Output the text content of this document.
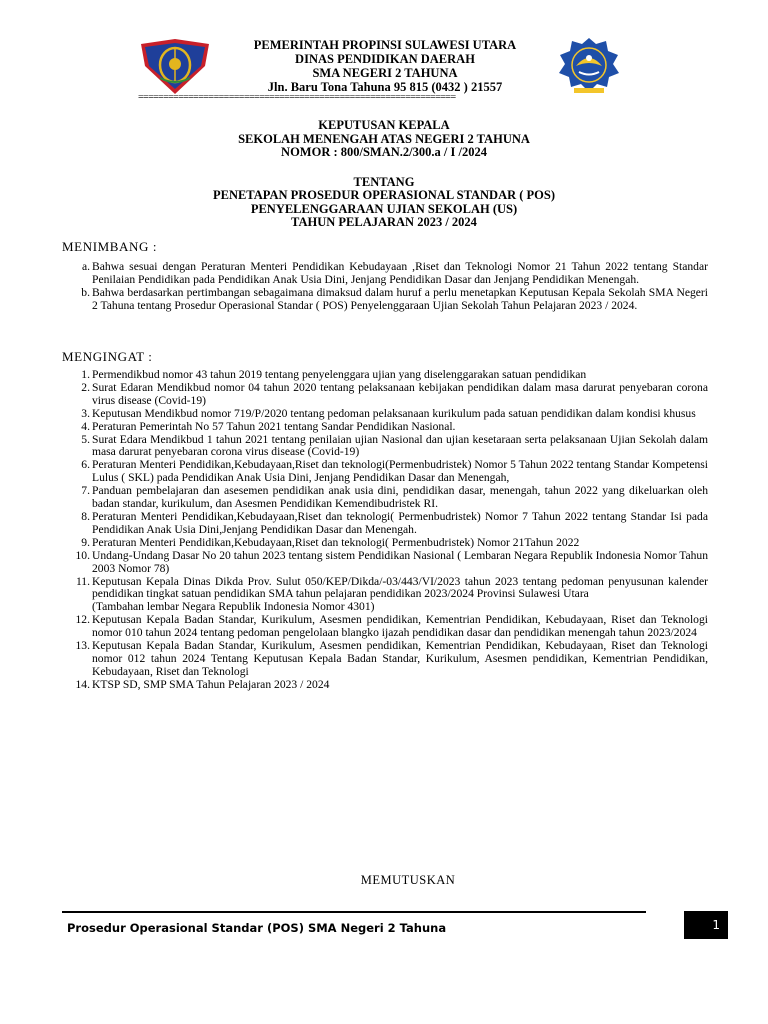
PEMERINTAH PROPINSI SULAWESI UTARA
DINAS PENDIDIKAN DAERAH
SMA NEGERI 2 TAHUNA
Jln. Baru Tona Tahuna 95 815 (0432 ) 21557
===============================================================
KEPUTUSAN KEPALA
SEKOLAH MENENGAH ATAS NEGERI 2 TAHUNA
NOMOR : 800/SMAN.2/300.a / I /2024
TENTANG
PENETAPAN PROSEDUR OPERASIONAL STANDAR ( POS)
PENYELENGGARAAN UJIAN SEKOLAH (US)
TAHUN PELAJARAN 2023 / 2024
MENIMBANG :
a. Bahwa sesuai dengan Peraturan Menteri Pendidikan Kebudayaan ,Riset dan Teknologi Nomor 21 Tahun 2022 tentang Standar Penilaian Pendidikan pada Pendidikan Anak Usia Dini, Jenjang Pendidikan Dasar dan Jenjang Pendidikan Menengah.
b. Bahwa berdasarkan pertimbangan sebagaimana dimaksud dalam huruf a perlu menetapkan Keputusan Kepala Sekolah SMA Negeri 2 Tahuna tentang Prosedur Operasional Standar ( POS) Penyelenggaraan Ujian Sekolah Tahun Pelajaran 2023 / 2024.
MENGINGAT :
1. Permendikbud nomor 43 tahun 2019 tentang penyelenggara ujian yang diselenggarakan satuan pendidikan
2. Surat Edaran Mendikbud nomor 04 tahun 2020 tentang pelaksanaan kebijakan pendidikan dalam masa darurat penyebaran corona virus disease (Covid-19)
3. Keputusan Mendikbud nomor 719/P/2020 tentang pedoman pelaksanaan kurikulum pada satuan pendidikan dalam kondisi khusus
4. Peraturan Pemerintah No 57 Tahun 2021 tentang Sandar Pendidikan Nasional.
5. Surat Edara Mendikbud 1 tahun 2021 tentang penilaian ujian Nasional dan ujian kesetaraan serta pelaksanaan Ujian Sekolah dalam masa darurat penyebaran corona virus disease (Covid-19)
6. Peraturan Menteri Pendidikan,Kebudayaan,Riset dan teknologi(Permenbudristek) Nomor 5 Tahun 2022 tentang Standar Kompetensi Lulus ( SKL) pada Pendidikan Anak Usia Dini, Jenjang Pendidikan Dasar dan Menengah,
7. Panduan pembelajaran dan asesemen pendidikan anak usia dini, pendidikan dasar, menengah, tahun 2022 yang dikeluarkan oleh badan standar, kurikulum, dan Asesmen Pendidikan Kemendibudristek RI.
8. Peraturan Menteri Pendidikan,Kebudayaan,Riset dan teknologi( Permenbudristek) Nomor 7 Tahun 2022 tentang Standar Isi pada Pendidikan Anak Usia Dini,Jenjang Pendidikan Dasar dan Menengah.
9. Peraturan Menteri Pendidikan,Kebudayaan,Riset dan teknologi( Permenbudristek) Nomor 21Tahun 2022
10. Undang-Undang Dasar No 20 tahun 2023 tentang sistem Pendidikan Nasional ( Lembaran Negara Republik Indonesia Nomor Tahun 2003 Nomor 78)
11. Keputusan Kepala Dinas Dikda Prov. Sulut 050/KEP/Dikda/-03/443/VI/2023 tahun 2023 tentang pedoman penyusunan kalender pendidikan tingkat satuan pendidikan SMA tahun pelajaran pendidikan 2023/2024 Provinsi Sulawesi Utara
(Tambahan lembar Negara Republik Indonesia Nomor 4301)
12. Keputusan Kepala Badan Standar, Kurikulum, Asesmen pendidikan, Kementrian Pendidikan, Kebudayaan, Riset dan Teknologi nomor 010 tahun 2024 tentang pedoman pengelolaan blangko ijazah pendidikan dasar dan pendidikan menengah tahun 2023/2024
13. Keputusan Kepala Badan Standar, Kurikulum, Asesmen pendidikan, Kementrian Pendidikan, Kebudayaan, Riset dan Teknologi nomor 012 tahun 2024 Tentang Keputusan Kepala Badan Standar, Kurikulum, Asesmen pendidikan, Kementrian Pendidikan, Kebudayaan, Riset dan Teknologi
14. KTSP SD, SMP SMA Tahun Pelajaran 2023 / 2024
MEMUTUSKAN
Prosedur Operasional Standar (POS) SMA Negeri 2 Tahuna	1
